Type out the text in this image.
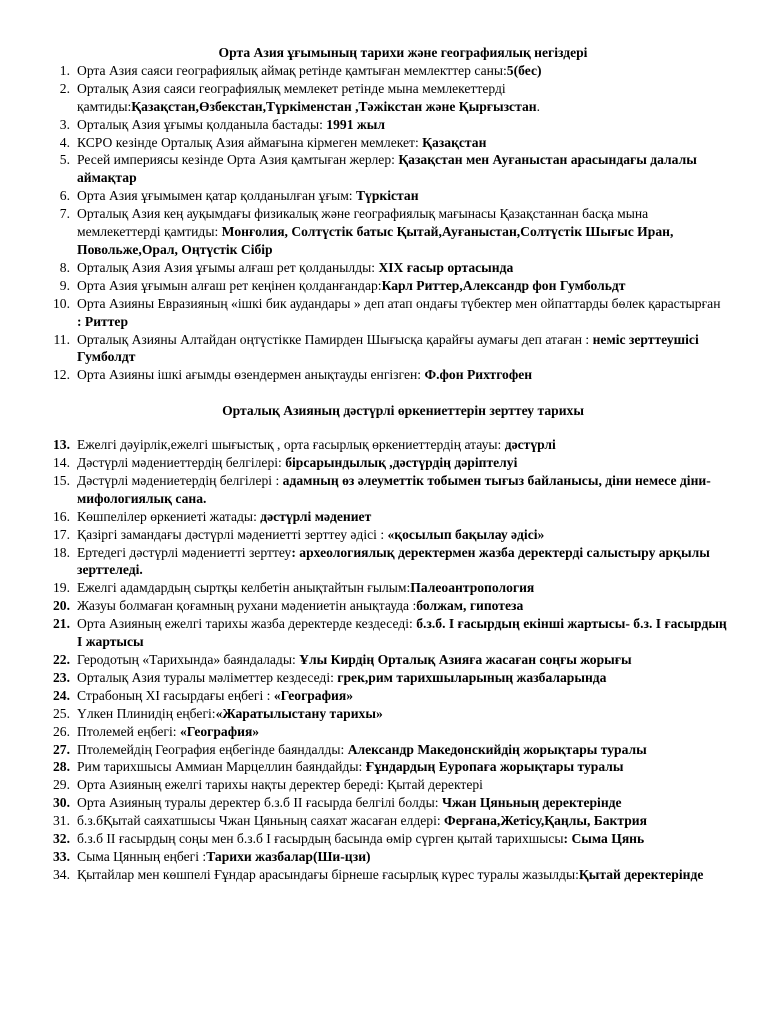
Орта Азия ұғымының тарихи және географиялық негіздері
1. Орта Азия саяси географиялық аймақ ретінде қамтыған мемлекттер саны:5(бес)
2. Орталық Азия саяси географиялық мемлекет ретінде мына мемлекеттерді қамтиды:Қазақстан,Өзбекстан,Түркіменстан ,Тәжікстан және Қырғызстан.
3. Орталық Азия ұғымы қолданыла бастады: 1991 жыл
4. КСРО кезінде Орталық Азия аймағына кірмеген мемлекет: Қазақстан
5. Ресей империясы кезінде Орта Азия қамтыған жерлер: Қазақстан мен Ауғаныстан арасындағы далалы аймақтар
6. Орта Азия ұғымымен қатар қолданылған ұғым: Түркістан
7. Орталық Азия кең ауқымдағы физикалық және географиялық мағынасы Қазақстаннан басқа мына мемлекеттерді қамтиды: Монғолия, Солтүстік батыс Қытай,Ауғаныстан,Солтүстік Шығыс Иран, Повольже,Орал, Оңтүстік Сібір
8. Орталық Азия Азия ұғымы алғаш рет қолданылды: XIX ғасыр ортасында
9. Орта Азия ұғымын алғаш рет кеңінен қолданғандар:Карл Риттер,Александр фон Гумбольдт
10. Орта Азияны Евразияның «ішкі бик аудандары » деп атап ондағы түбектер мен ойпаттарды бөлек қарастырған : Риттер
11. Орталық Азияны Алтайдан оңтүстікке Памирден Шығысқа қарайғы аумағы деп атаған : неміс зерттеушісі Гумболдт
12. Орта Азияны ішкі ағымды өзендермен анықтауды енгізген: Ф.фон Рихтгофен
Орталық Азияның дәстүрлі өркениеттерін зерттеу тарихы
13. Ежелгі дәуірлік,ежелгі шығыстық , орта ғасырлық өркениеттердің атауы: дәстүрлі
14. Дәстүрлі мәдениеттердің белгілері: бірсарындылық ,дәстүрдің дәріптелуі
15. Дәстүрлі мәдениетердің белгілері : адамның өз әлеуметтік тобымен тығыз байланысы, діни немесе діни-мифологиялық сана.
16. Көшпелілер өркениеті жатады: дәстүрлі мәдениет
17. Қазіргі замандағы дәстүрлі мәдениетті зерттеу әдісі : «қосылып бақылау әдісі»
18. Ертедегі дәстүрлі мәдениетті зерттеу: археологиялық деректермен жазба деректерді салыстыру арқылы зерттеледі.
19. Ежелгі адамдардың сыртқы келбетін анықтайтын ғылым:Палеоантропология
20. Жазуы болмаған қоғамның рухани мәдениетін анықтауда :болжам, гипотеза
21. Орта Азияның ежелгі тарихы жазба деректерде кездеседі: б.з.б. I ғасырдың екінші жартысы- б.з. I ғасырдың I жартысы
22. Геродотың «Тарихында» баяндалады: Ұлы Кирдің Орталық Азияға жасаған соңғы жорығы
23. Орталық Азия туралы мәліметтер кездеседі: грек,рим тарихшыларының жазбаларында
24. Страбоның XI ғасырдағы еңбегі : «География»
25. Үлкен Плинидің еңбегі:«Жаратылыстану тарихы»
26. Птолемей еңбегі: «География»
27. Птолемейдің География еңбегінде баяндалды: Александр Македонскийдің жорықтары туралы
28. Рим тарихшысы Аммиан Марцеллин баяндайды: Ғұндардың Еуропаға жорықтары туралы
29. Орта Азияның ежелгі тарихы нақты деректер береді: Қытай деректері
30. Орта Азияның туралы деректер б.з.б II ғасырда белгілі болды: Чжан Цяньның деректерінде
31. б.з.бҚытай саяхатшысы Чжан Цяньның саяхат жасаған елдері: Ферғана,Жетісу,Қаңлы, Бактрия
32. б.з.б II ғасырдың соңы мен б.з.б I ғасырдың басында өмір сүрген қытай тарихшысы: Сыма Цянь
33. Сыма Цянның еңбегі :Тарихи жазбалар(Ши-цзи)
34. Қытайлар мен көшпелі Ғұндар арасындағы бірнеше ғасырлық күрес туралы жазылды:Қытай деректерінде
